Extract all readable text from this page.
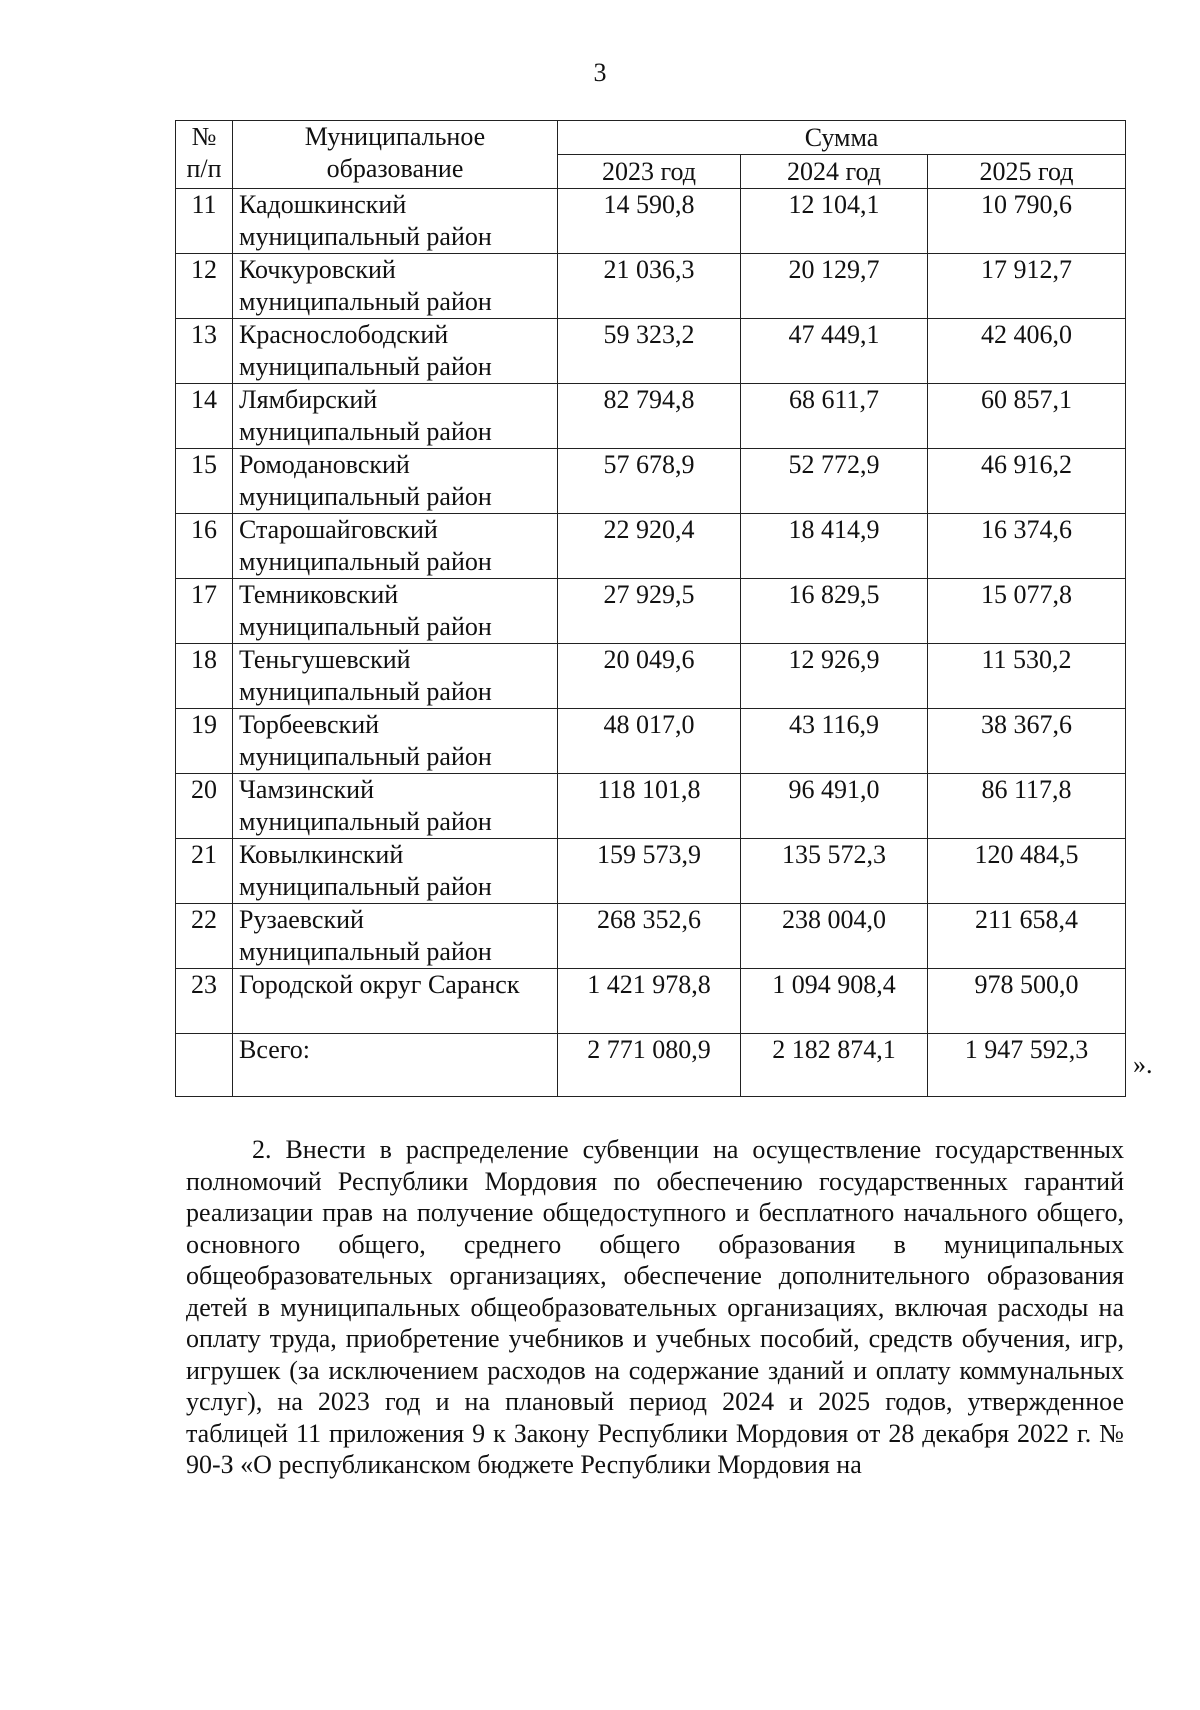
3
№ п/п	Муниципальное образование	Сумма		
		2023 год	2024 год	2025 год
11	Кадошкинский муниципальный район	14 590,8	12 104,1	10 790,6
12	Кочкуровский муниципальный район	21 036,3	20 129,7	17 912,7
13	Краснослободский муниципальный район	59 323,2	47 449,1	42 406,0
14	Лямбирский муниципальный район	82 794,8	68 611,7	60 857,1
15	Ромодановский муниципальный район	57 678,9	52 772,9	46 916,2
16	Старошайговский муниципальный район	22 920,4	18 414,9	16 374,6
17	Темниковский муниципальный район	27 929,5	16 829,5	15 077,8
18	Теньгушевский муниципальный район	20 049,6	12 926,9	11 530,2
19	Торбеевский муниципальный район	48 017,0	43 116,9	38 367,6
20	Чамзинский муниципальный район	118 101,8	96 491,0	86 117,8
21	Ковылкинский муниципальный район	159 573,9	135 572,3	120 484,5
22	Рузаевский муниципальный район	268 352,6	238 004,0	211 658,4
23	Городской округ Саранск	1 421 978,8	1 094 908,4	978 500,0
	Всего:	2 771 080,9	2 182 874,1	1 947 592,3
».
2. Внести в распределение субвенции на осуществление государственных полномочий Республики Мордовия по обеспечению государственных гарантий реализации прав на получение общедоступного и бесплатного начального общего, основного общего, среднего общего образования в муниципальных общеобразовательных организациях, обеспечение дополнительного образования детей в муниципальных общеобразовательных организациях, включая расходы на оплату труда, приобретение учебников и учебных пособий, средств обучения, игр, игрушек (за исключением расходов на содержание зданий и оплату коммунальных услуг), на 2023 год и на плановый период 2024 и 2025 годов, утвержденное таблицей 11 приложения 9 к Закону Республики Мордовия от 28 декабря 2022 г. № 90-З «О республиканском бюджете Республики Мордовия на
